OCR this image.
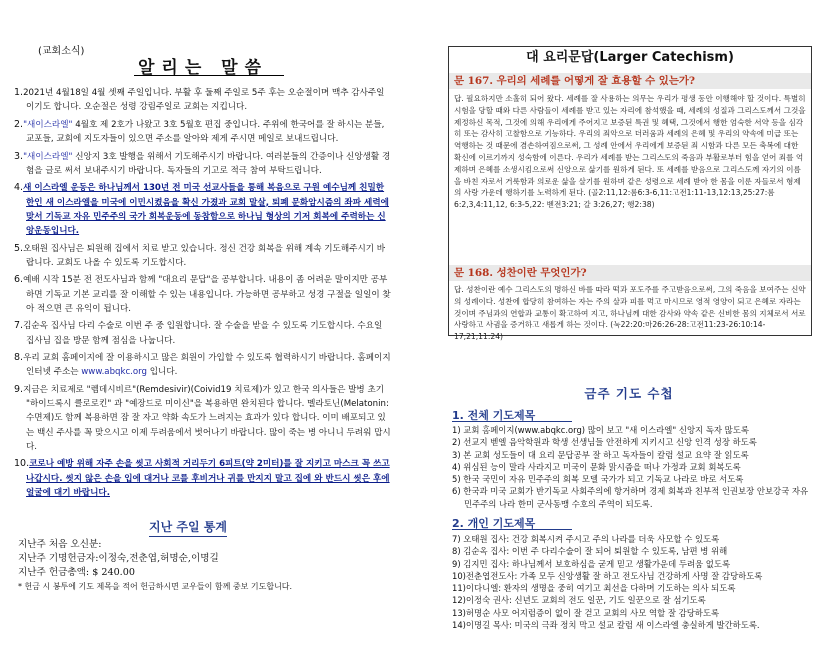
(교회소식)
알리는 말씀
1.2021년 4월18일 4월 셋째 주일입니다. 부활 후 둘째 주일로 5주 후는 오순절이며 맥추 감사주일이기도 합니다. 오순절은 성령 강림주일로 교회는 지킵니다.
2."새이스라엘" 4월호 제 2호가 나왔고 3호 5월호 편집 중입니다. 주위에 한국어를 잘 하시는 분들, 교포들, 교회에 지도자들이 있으면 주소를 알아와 제게 주시면 메일로 보내드립니다.
3."새이스라엘" 신앙지 3호 발행을 위해서 기도해주시기 바랍니다. 여러분들의 간증이나 신앙생활 경험을 글로 써서 보내주시기 바랍니다. 독자들의 기고로 적극 참여 부탁드립니다.
4.새 이스라엘 운동은 하나님께서 130년 전 미국 선교사들을 통해 복음으로 구원 예수님께 친밀한 한인 새 이스라엘을 미국에 이민시켰음을 확신 가졌과 교회 말살, 퇴폐 문화암시즘의 좌파 세력에 맞서 기독교 자유 민주주의 국가 회복운동에 동참함으로 하나님 형상의 기저 회복에 주력하는 신앙운동입니다.
5.오태원 집사님은 퇴원해 집에서 치료 받고 있습니다. 정신 건강 회복을 위해 계속 기도해주시기 바랍니다. 교회도 나올 수 있도록 기도합시다.
6.예배 시작 15분 전 전도사님과 함께 "대요리 문답"을 공부합니다. 내용이 좀 어려운 말이지만 공부하면 기독교 기본 교리를 잘 이해할 수 있는 내용입니다. 가능하면 공부하고 성경 구절을 일일이 찾아 적으면 큰 유익이 됩니다.
7.김순옥 집사님 다리 수술로 이번 주 중 입원합니다. 잘 수술을 받을 수 있도록 기도합시다. 수요일 집사님 집을 방문 함께 점심을 나눕니다.
8.우리 교회 홈페이지에 잘 이용하시고 많은 회원이 가입할 수 있도록 협력하시기 바랍니다. 홈페이지 인터넷 주소는 www.abqkc.org 입니다.
9.지금은 치료제로 "렘데시비르"(Remdesivir)(Coivid19 치료제)가 있고 한국 의사들은 발병 초기 "하이드록시 클로로킨" 과 "예장드로 미이신"을 복용하면 완치된다 합니다. 멜라토닌(Melatonin:수면제)도 함께 복용하면 잠 잘 자고 약화 속도가 느려지는 효과가 있다 합니다. 이미 배포되고 있는 백신 주사를 꼭 맞으시고 이제 두려움에서 벗어나기 바랍니다. 많이 죽는 병 아니니 두려워 맙시다.
10.코로나 예방 위해 자주 손을 씻고 사회적 거리두기 6피트(약 2미터)를 잘 지키고 마스크 꼭 쓰고 나갑시다. 씻지 않은 손을 입에 대거나 코를 후비거나 귀를 만지지 말고 집에 와 반드시 씻은 후에 얼굴에 대기 바랍니다.
지난 주일 통계
지난주 처음 오신분:
지난주 기명헌금자:이정숙,전춘엽,허명순,이명길
지난주 헌금총액: $ 240.00
* 헌금 시 봉투에 기도 제목을 적어 헌금하시면 교우들이 함께 중보 기도합니다.
대 요리문답(Larger Catechism)
문 167. 우리의 세례를 어떻게 잘 효용할 수 있는가?
답. 필요하지만 소홀히 되어 왔다. 세례를 잘 사용하는 의무는 우리가 평생 동안 이행해야 할 것이다. 특별히 시험을 당할 때와 다른 사람들이 세례를 받고 있는 자리에 참석했을 때, 세례의 성질과 그리스도께서 그것을 제정하신 목적, 그것에 의해 우리에게 주어지고 보증된 특권 및 혜택, 그것에서 행한 엄숙한 서약 등을 심각히 또는 감사히 고찰함으로 기능하다. 우리의 죄악으로 더러움과 세례의 은혜 및 우리의 약속에 미급 또는 역행하는 것 때문에 겸손하여짐으로써, 그 성례 안에서 우리에게 보증된 죄 시함과 다른 모든 축복에 대한 확신에 이르기까지 성숙함에 이른다. 우리가 세례를 받는 그리스도의 죽음과 부활로부터 힘을 얻어 죄를 억제하며 은혜를 소생시킴으로써 신앙으로 삶기를 원하게 된다. 또 세례를 받음으로 그리스도께 자기의 이름을 바친 자로서 거룩함과 의로운 삶을 살기를 원하며 같은 성령으로 세례 받아 한 몸을 이룬 자들로서 형제의 사랑 가운데 행하기를 노력하게 된다. (골2:11,12:롬6:3-6,11:고전1:11-13,12:13,25:27:롬6:2,3,4:11,12, 6:3-5,22: 벧전3:21; 갈 3:26,27; 행2:38)
문 168. 성찬이란 무엇인가?
답. 성찬이란 예수 그리스도의 명하신 바를 따라 떡과 포도주를 주고받음으로써, 그의 죽음을 보여주는 신약의 성례이다. 성찬에 합당히 참여하는 자는 주의 살과 피를 먹고 마시므로 영적 영양이 되고 은혜로 자라는 것이며 주님과의 연합과 교통이 확고하여 지고, 하나님께 대한 감사와 약속 같은 신비한 몸의 지체로서 서로 사랑하고 사귐을 증거하고 새롭게 하는 것이다. (눅22:20:마26:26-28:고전11:23-26:10:14-17,21,11:24)
금주 기도 수첩
1. 전체 기도제목
1) 교회 홈페이지(www.abqkc.org) 많이 보고 "새 이스라엘" 신앙지 독자 많도록
2) 선교지 벧엘 음악학원과 학생 선생님들 안전하게 지키시고 신앙 인격 성장 하도록
3) 본 교회 성도들이 대 요리 문답공부 잘 하고 독자들이 칼럼 설교 요약 잘 읽도록
4) 위심된 능이 말라 사라지고 미국이 문화 맑시즘을 떠나 가정과 교회 회복도록
5) 한국 국민이 자유 민주주의 회복 모델 국가가 되고 기독교 나라로 바로 서도록
6) 한국과 미국 교회가 반기독교 사회주의에 항거하며 경제 회복과 친부적 인권보장 안보강국 자유 민주주의 나라 한미 군사동맹 수호의 주역이 되도록.
2. 개인 기도제목
7) 오태원 집사: 건강 회복시켜 주시고 주의 나라를 더욱 사모할 수 있도록
8) 김순옥 집사: 이번 주 다리수술이 잘 되어 퇴원할 수 있도록, 남편 병 위해
9) 김지민 집사: 하나님께서 보호하심을 굳게 믿고 생활가운데 두려움 없도록
10)전춘엽전도사: 가족 모두 신앙생활 잘 하고 전도사님 건강하게 사명 잘 감당하도록
11)이다니엘: 환자의 생명을 중히 여기고 최선을 다하며 기도하는 의사 되도록
12)이정숙 권사: 신년도 교회의 전도 일꾼, 기도 일꾼으로 잘 섬기도록
13)허명순 사모 어지럼증이 없이 잘 걷고 교회의 사모 역할 잘 감당하도록
14)이명길 목사: 미국의 극좌 정치 막고 설교 칼럼 새 이스라엘 충실하게 발간하도록.
